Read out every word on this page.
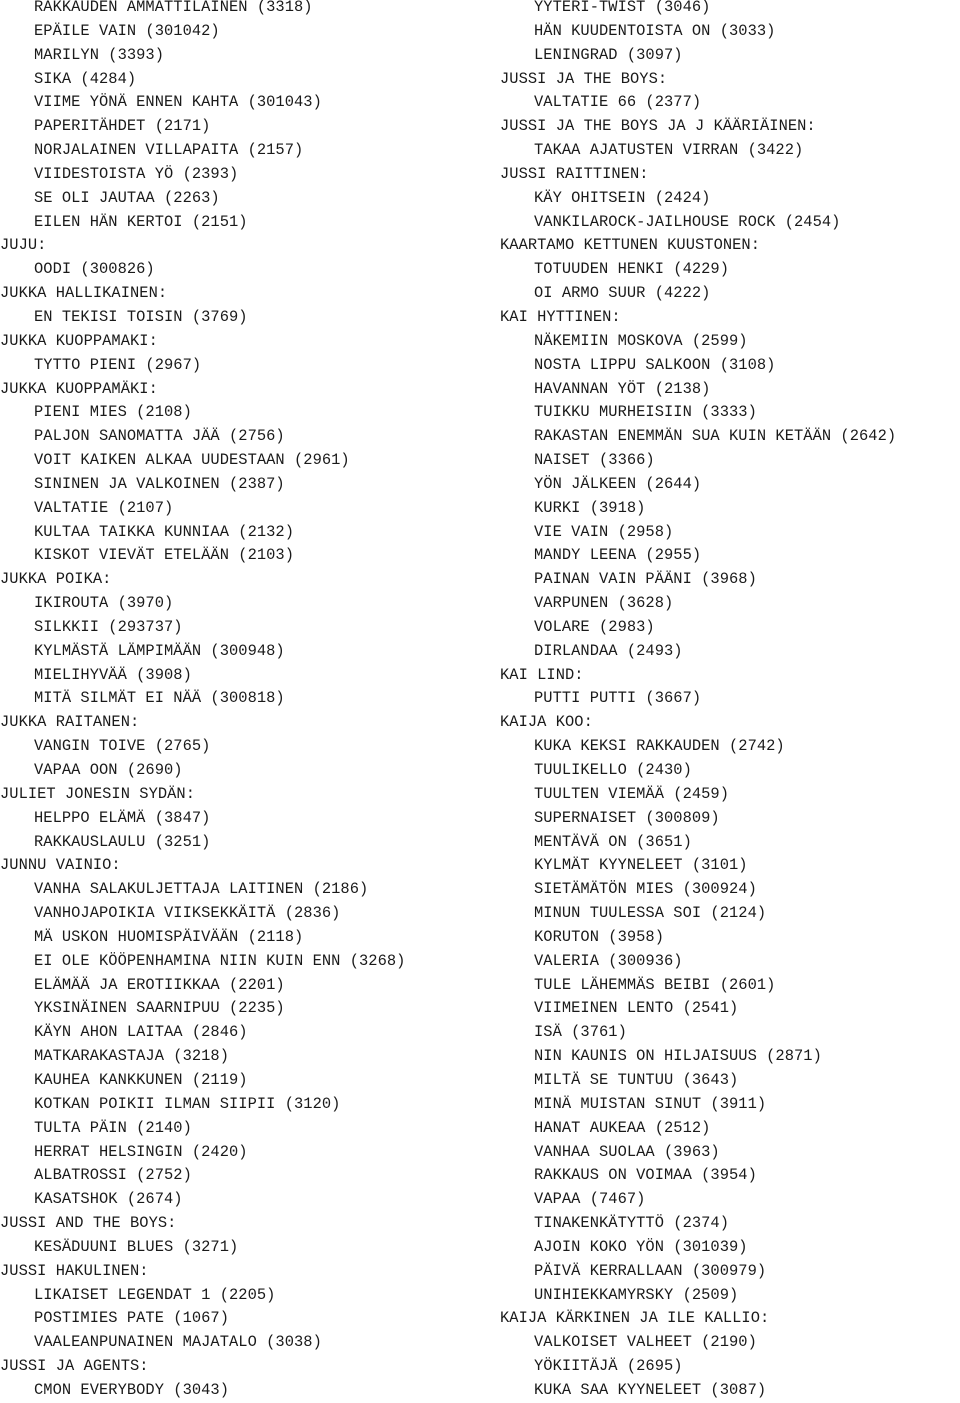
RAKKAUDEN AMMATTILAINEN (3318)
EPÄILE VAIN (301042)
MARILYN (3393)
SIKA (4284)
VIIME YÖNÄ ENNEN KAHTA (301043)
PAPERITÄHDET (2171)
NORJALAINEN VILLAPAITA (2157)
VIIDESTOISTA YÖ (2393)
SE OLI JAUTAA (2263)
EILEN HÄN KERTOI (2151)
JUJU:
OODI (300826)
JUKKA HALLIKAINEN:
EN TEKISI TOISIN (3769)
JUKKA KUOPPAMAKI:
TYTTO PIENI (2967)
JUKKA KUOPPAMÄKI:
PIENI MIES (2108)
PALJON SANOMATTA JÄÄ (2756)
VOIT KAIKEN ALKAA UUDESTAAN (2961)
SININEN JA VALKOINEN (2387)
VALTATIE (2107)
KULTAA TAIKKA KUNNIAA (2132)
KISKOT VIEVÄT ETELÄÄN (2103)
JUKKA POIKA:
IKIROUTA (3970)
SILKKII (293737)
KYLMÄSTÄ LÄMPIMÄÄN (300948)
MIELIHYVÄÄ (3908)
MITÄ SILMÄT EI NÄÄ (300818)
JUKKA RAITANEN:
VANGIN TOIVE (2765)
VAPAA OON (2690)
JULIET JONESIN SYDÄN:
HELPPO ELÄMÄ (3847)
RAKKAUSLAULU (3251)
JUNNU VAINIO:
VANHA SALAKULJETTAJA LAITINEN (2186)
VANHOJAPOIKIA VIIKSEKKÄITÄ (2836)
MÄ USKON HUOMISPÄIVÄÄN (2118)
EI OLE KÖÖPENHAMINA NIIN KUIN ENN (3268)
ELÄMÄÄ JA EROTIIKKAA (2201)
YKSINÄINEN SAARNIPUU (2235)
KÄYN AHON LAITAA (2846)
MATKARAKASTAJA (3218)
KAUHEA KANKKUNEN (2119)
KOTKAN POIKII ILMAN SIIPII (3120)
TULTA PÄIN (2140)
HERRAT HELSINGIN (2420)
ALBATROSSI (2752)
KASATSHOK (2674)
JUSSI AND THE BOYS:
KESÄDUUNI BLUES (3271)
JUSSI HAKULINEN:
LIKAISET LEGENDAT 1 (2205)
POSTIMIES PATE (1067)
VAALEANPUNAINEN MAJATALO (3038)
JUSSI JA AGENTS:
CMON EVERYBODY (3043)
YYTERI-TWIST (3046)
HÄN KUUDENTOISTA ON (3033)
LENINGRAD (3097)
JUSSI JA THE BOYS:
VALTATIE 66 (2377)
JUSSI JA THE BOYS JA J KÄÄRIÄINEN:
TAKAA AJATUSTEN VIRRAN (3422)
JUSSI RAITTINEN:
KÄY OHITSEIN (2424)
VANKILAROCK-JAILHOUSE ROCK (2454)
KAARTAMO KETTUNEN KUUSTONEN:
TOTUUDEN HENKI (4229)
OI ARMO SUUR (4222)
KAI HYTTINEN:
NÄKEMIIN MOSKOVA (2599)
NOSTA LIPPU SALKOON (3108)
HAVANNAN YÖT (2138)
TUIKKU MURHEISIIN (3333)
RAKASTAN ENEMMÄN SUA KUIN KETÄÄN (2642)
NAISET (3366)
YÖN JÄLKEEN (2644)
KURKI (3918)
VIE VAIN (2958)
MANDY LEENA (2955)
PAINAN VAIN PÄÄNI (3968)
VARPUNEN (3628)
VOLARE (2983)
DIRLANDAA (2493)
KAI LIND:
PUTTI PUTTI (3667)
KAIJA KOO:
KUKA KEKSI RAKKAUDEN (2742)
TUULIKELLO (2430)
TUULTEN VIEMÄÄ (2459)
SUPERNAISET (300809)
MENTÄVÄ ON (3651)
KYLMÄT KYYNELEET (3101)
SIETÄMÄTÖN MIES (300924)
MINUN TUULESSA SOI (2124)
KORUTON (3958)
VALERIA (300936)
TULE LÄHEMMÄS BEIBI (2601)
VIIMEINEN LENTO (2541)
ISÄ (3761)
NIN KAUNIS ON HILJAISUUS (2871)
MILTÄ SE TUNTUU (3643)
MINÄ MUISTAN SINUT (3911)
HANAT AUKEAA (2512)
VANHAA SUOLAA (3963)
RAKKAUS ON VOIMAA (3954)
VAPAA (7467)
TINAKENKÄTYTTÖ (2374)
AJOIN KOKO YÖN (301039)
PÄIVÄ KERRALLAAN (300979)
UNIHIEKKAMYRSKY (2509)
KAIJA KÄRKINEN JA ILE KALLIO:
VALKOISET VALHEET (2190)
YÖKIITÄJÄ (2695)
KUKA SAA KYYNELEET (3087)
